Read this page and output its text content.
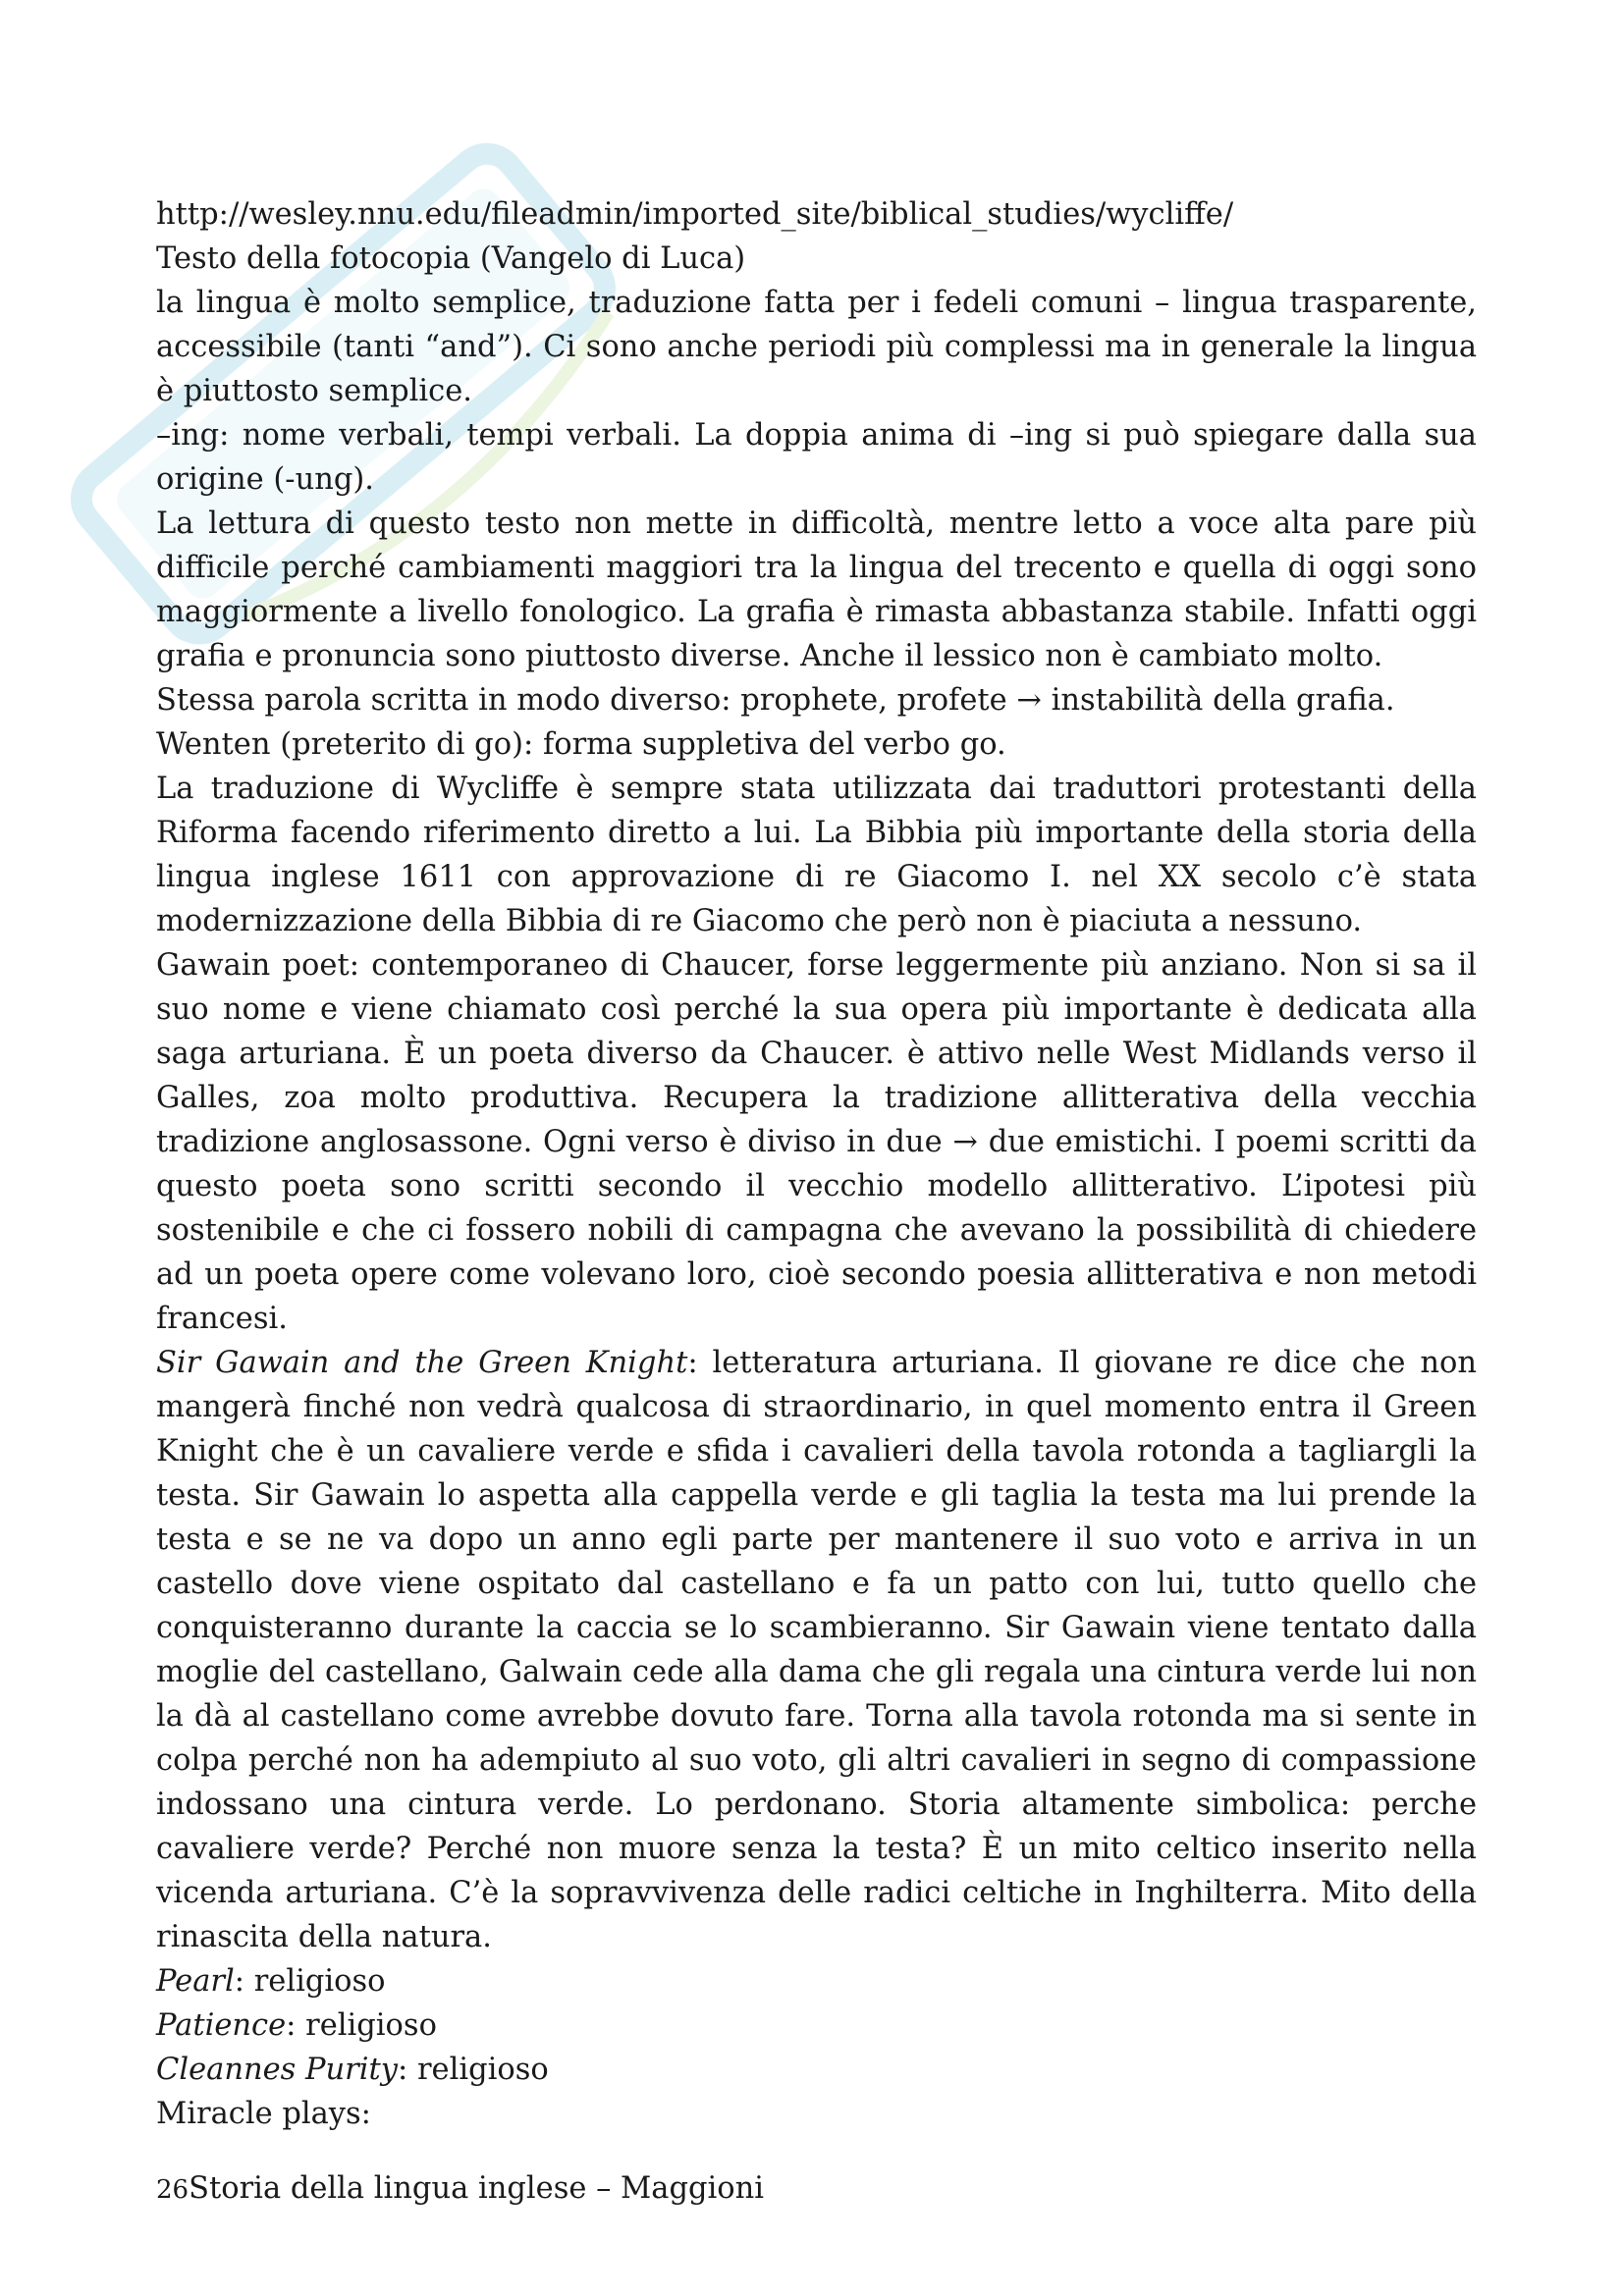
http://wesley.nnu.edu/fileadmin/imported_site/biblical_studies/wycliffe/

Testo della fotocopia (Vangelo di Luca)

la lingua è molto semplice, traduzione fatta per i fedeli comuni – lingua trasparente, accessibile (tanti “and”). Ci sono anche periodi più complessi ma in generale la lingua è piuttosto semplice.

–ing: nome verbali, tempi verbali. La doppia anima di –ing si può spiegare dalla sua origine (-ung).

La lettura di questo testo non mette in difficoltà, mentre letto a voce alta pare più difficile perché cambiamenti maggiori tra la lingua del trecento e quella di oggi sono maggiormente a livello fonologico. La grafia è rimasta abbastanza stabile. Infatti oggi grafia e pronuncia sono piuttosto diverse. Anche il lessico non è cambiato molto.

Stessa parola scritta in modo diverso: prophete, profete → instabilità della grafia.

Wenten (preterito di go): forma suppletiva del verbo go.

La traduzione di Wycliffe è sempre stata utilizzata dai traduttori protestanti della Riforma facendo riferimento diretto a lui. La Bibbia più importante della storia della lingua inglese 1611 con approvazione di re Giacomo I. nel XX secolo c’è stata modernizzazione della Bibbia di re Giacomo che però non è piaciuta a nessuno.

Gawain poet: contemporaneo di Chaucer, forse leggermente più anziano. Non si sa il suo nome e viene chiamato così perché la sua opera più importante è dedicata alla saga arturiana. È un poeta diverso da Chaucer. è attivo nelle West Midlands verso il Galles, zoa molto produttiva. Recupera la tradizione allitterativa della vecchia tradizione anglosassone. Ogni verso è diviso in due → due emistichi. I poemi scritti da questo poeta sono scritti secondo il vecchio modello allitterativo. L’ipotesi più sostenibile e che ci fossero nobili di campagna che avevano la possibilità di chiedere ad un poeta opere come volevano loro, cioè secondo poesia allitterativa e non metodi francesi.

Sir Gawain and the Green Knight: letteratura arturiana. Il giovane re dice che non mangerà finché non vedrà qualcosa di straordinario, in quel momento entra il Green Knight che è un cavaliere verde e sfida i cavalieri della tavola rotonda a tagliargli la testa. Sir Gawain lo aspetta alla cappella verde e gli taglia la testa ma lui prende la testa e se ne va dopo un anno egli parte per mantenere il suo voto e arriva in un castello dove viene ospitato dal castellano e fa un patto con lui, tutto quello che conquisteranno durante la caccia se lo scambieranno. Sir Gawain viene tentato dalla moglie del castellano, Galwain cede alla dama che gli regala una cintura verde lui non la dà al castellano come avrebbe dovuto fare. Torna alla tavola rotonda ma si sente in colpa perché non ha adempiuto al suo voto, gli altri cavalieri in segno di compassione indossano una cintura verde. Lo perdonano. Storia altamente simbolica: perche cavaliere verde? Perché non muore senza la testa? È un mito celtico inserito nella vicenda arturiana. C’è la sopravvivenza delle radici celtiche in Inghilterra. Mito della rinascita della natura.

Pearl: religioso

Patience: religioso

Cleannes Purity: religioso

Miracle plays:

26Storia della lingua inglese – Maggioni
